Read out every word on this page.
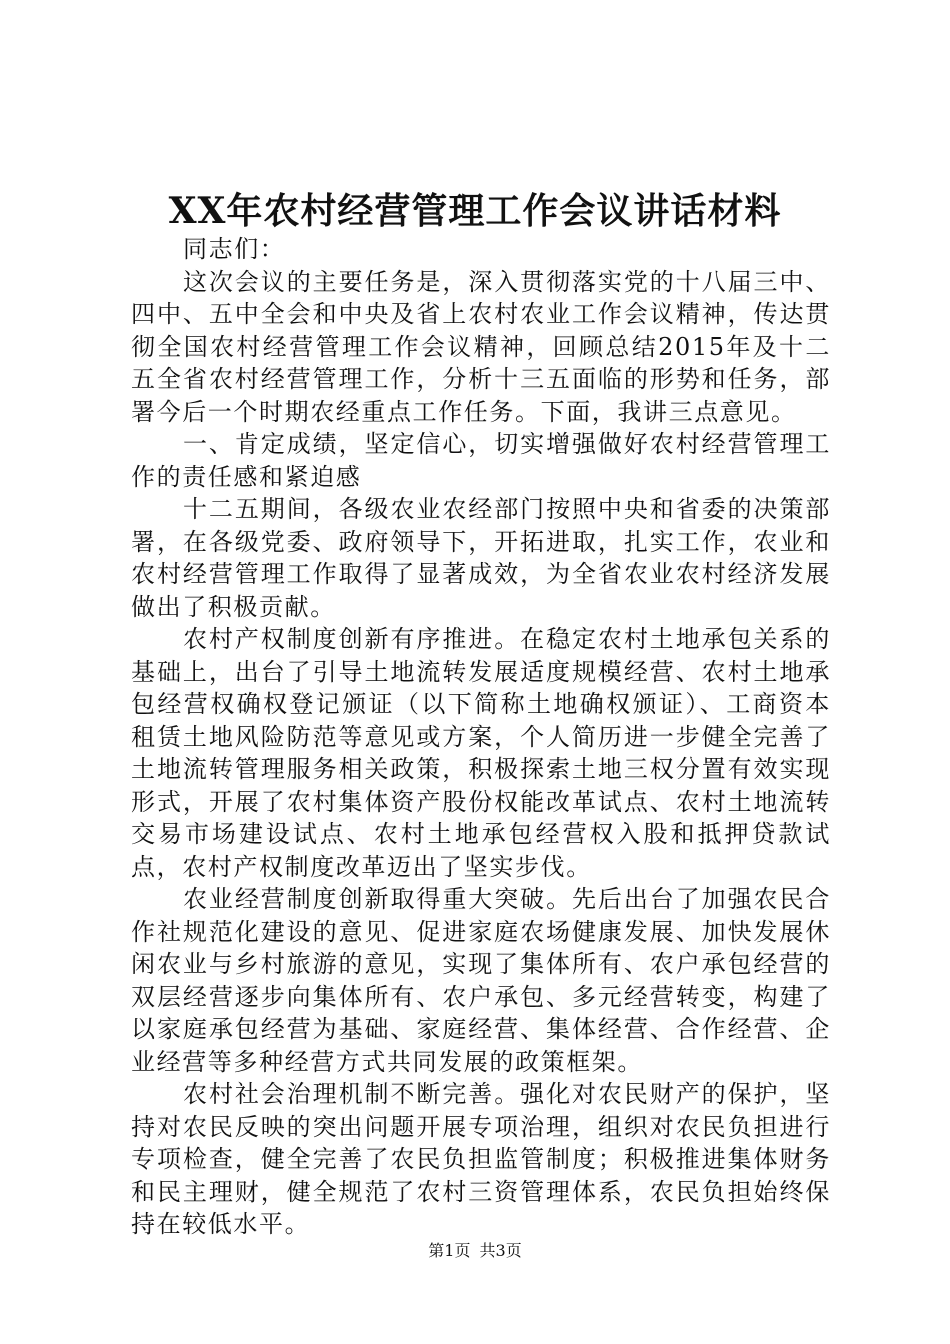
XX年农村经营管理工作会议讲话材料

同志们：

这次会议的主要任务是，深入贯彻落实党的十八届三中、四中、五中全会和中央及省上农村农业工作会议精神，传达贯彻全国农村经营管理工作会议精神，回顾总结2015年及十二五全省农村经营管理工作，分析十三五面临的形势和任务，部署今后一个时期农经重点工作任务。下面，我讲三点意见。

一、肯定成绩，坚定信心，切实增强做好农村经营管理工作的责任感和紧迫感

十二五期间，各级农业农经部门按照中央和省委的决策部署，在各级党委、政府领导下，开拓进取，扎实工作，农业和农村经营管理工作取得了显著成效，为全省农业农村经济发展做出了积极贡献。

农村产权制度创新有序推进。在稳定农村土地承包关系的基础上，出台了引导土地流转发展适度规模经营、农村土地承包经营权确权登记颁证（以下简称土地确权颁证）、工商资本租赁土地风险防范等意见或方案，个人简历进一步健全完善了土地流转管理服务相关政策，积极探索土地三权分置有效实现形式，开展了农村集体资产股份权能改革试点、农村土地流转交易市场建设试点、农村土地承包经营权入股和抵押贷款试点，农村产权制度改革迈出了坚实步伐。

农业经营制度创新取得重大突破。先后出台了加强农民合作社规范化建设的意见、促进家庭农场健康发展、加快发展休闲农业与乡村旅游的意见，实现了集体所有、农户承包经营的双层经营逐步向集体所有、农户承包、多元经营转变，构建了以家庭承包经营为基础、家庭经营、集体经营、合作经营、企业经营等多种经营方式共同发展的政策框架。

农村社会治理机制不断完善。强化对农民财产的保护，坚持对农民反映的突出问题开展专项治理，组织对农民负担进行专项检查，健全完善了农民负担监管制度；积极推进集体财务和民主理财，健全规范了农村三资管理体系，农民负担始终保持在较低水平。

第1页 共3页
